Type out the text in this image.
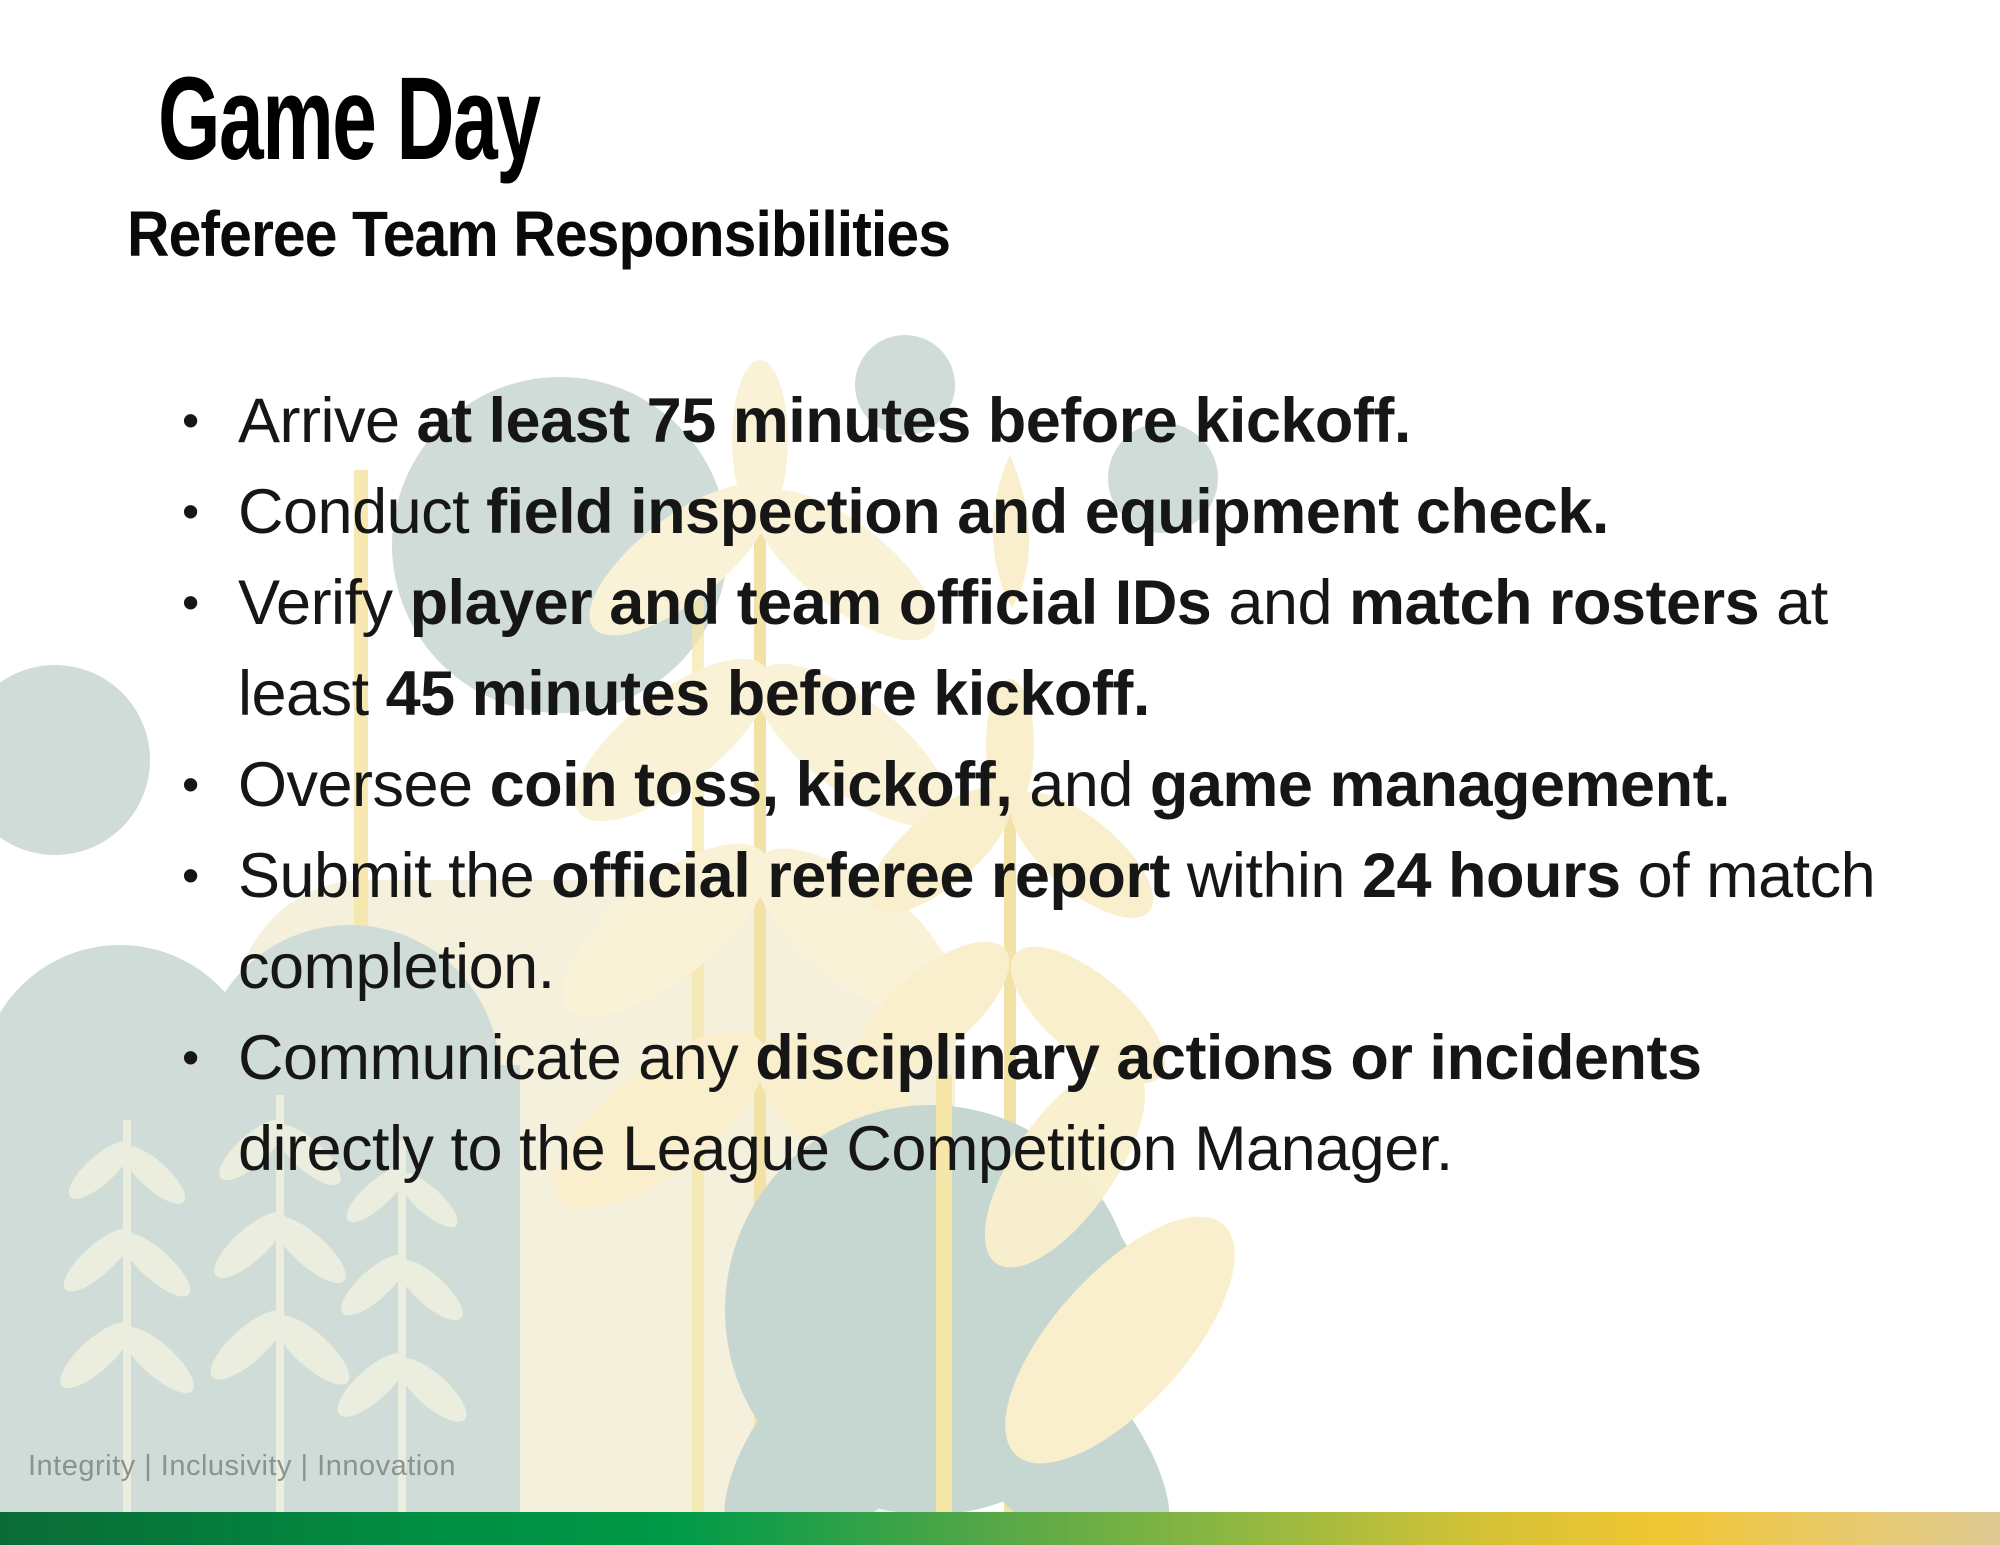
Game Day
Referee Team Responsibilities
• Arrive at least 75 minutes before kickoff.
• Conduct field inspection and equipment check.
• Verify player and team official IDs and match rosters at least 45 minutes before kickoff.
• Oversee coin toss, kickoff, and game management.
• Submit the official referee report within 24 hours of match completion.
• Communicate any disciplinary actions or incidents directly to the League Competition Manager.
Integrity | Inclusivity | Innovation
